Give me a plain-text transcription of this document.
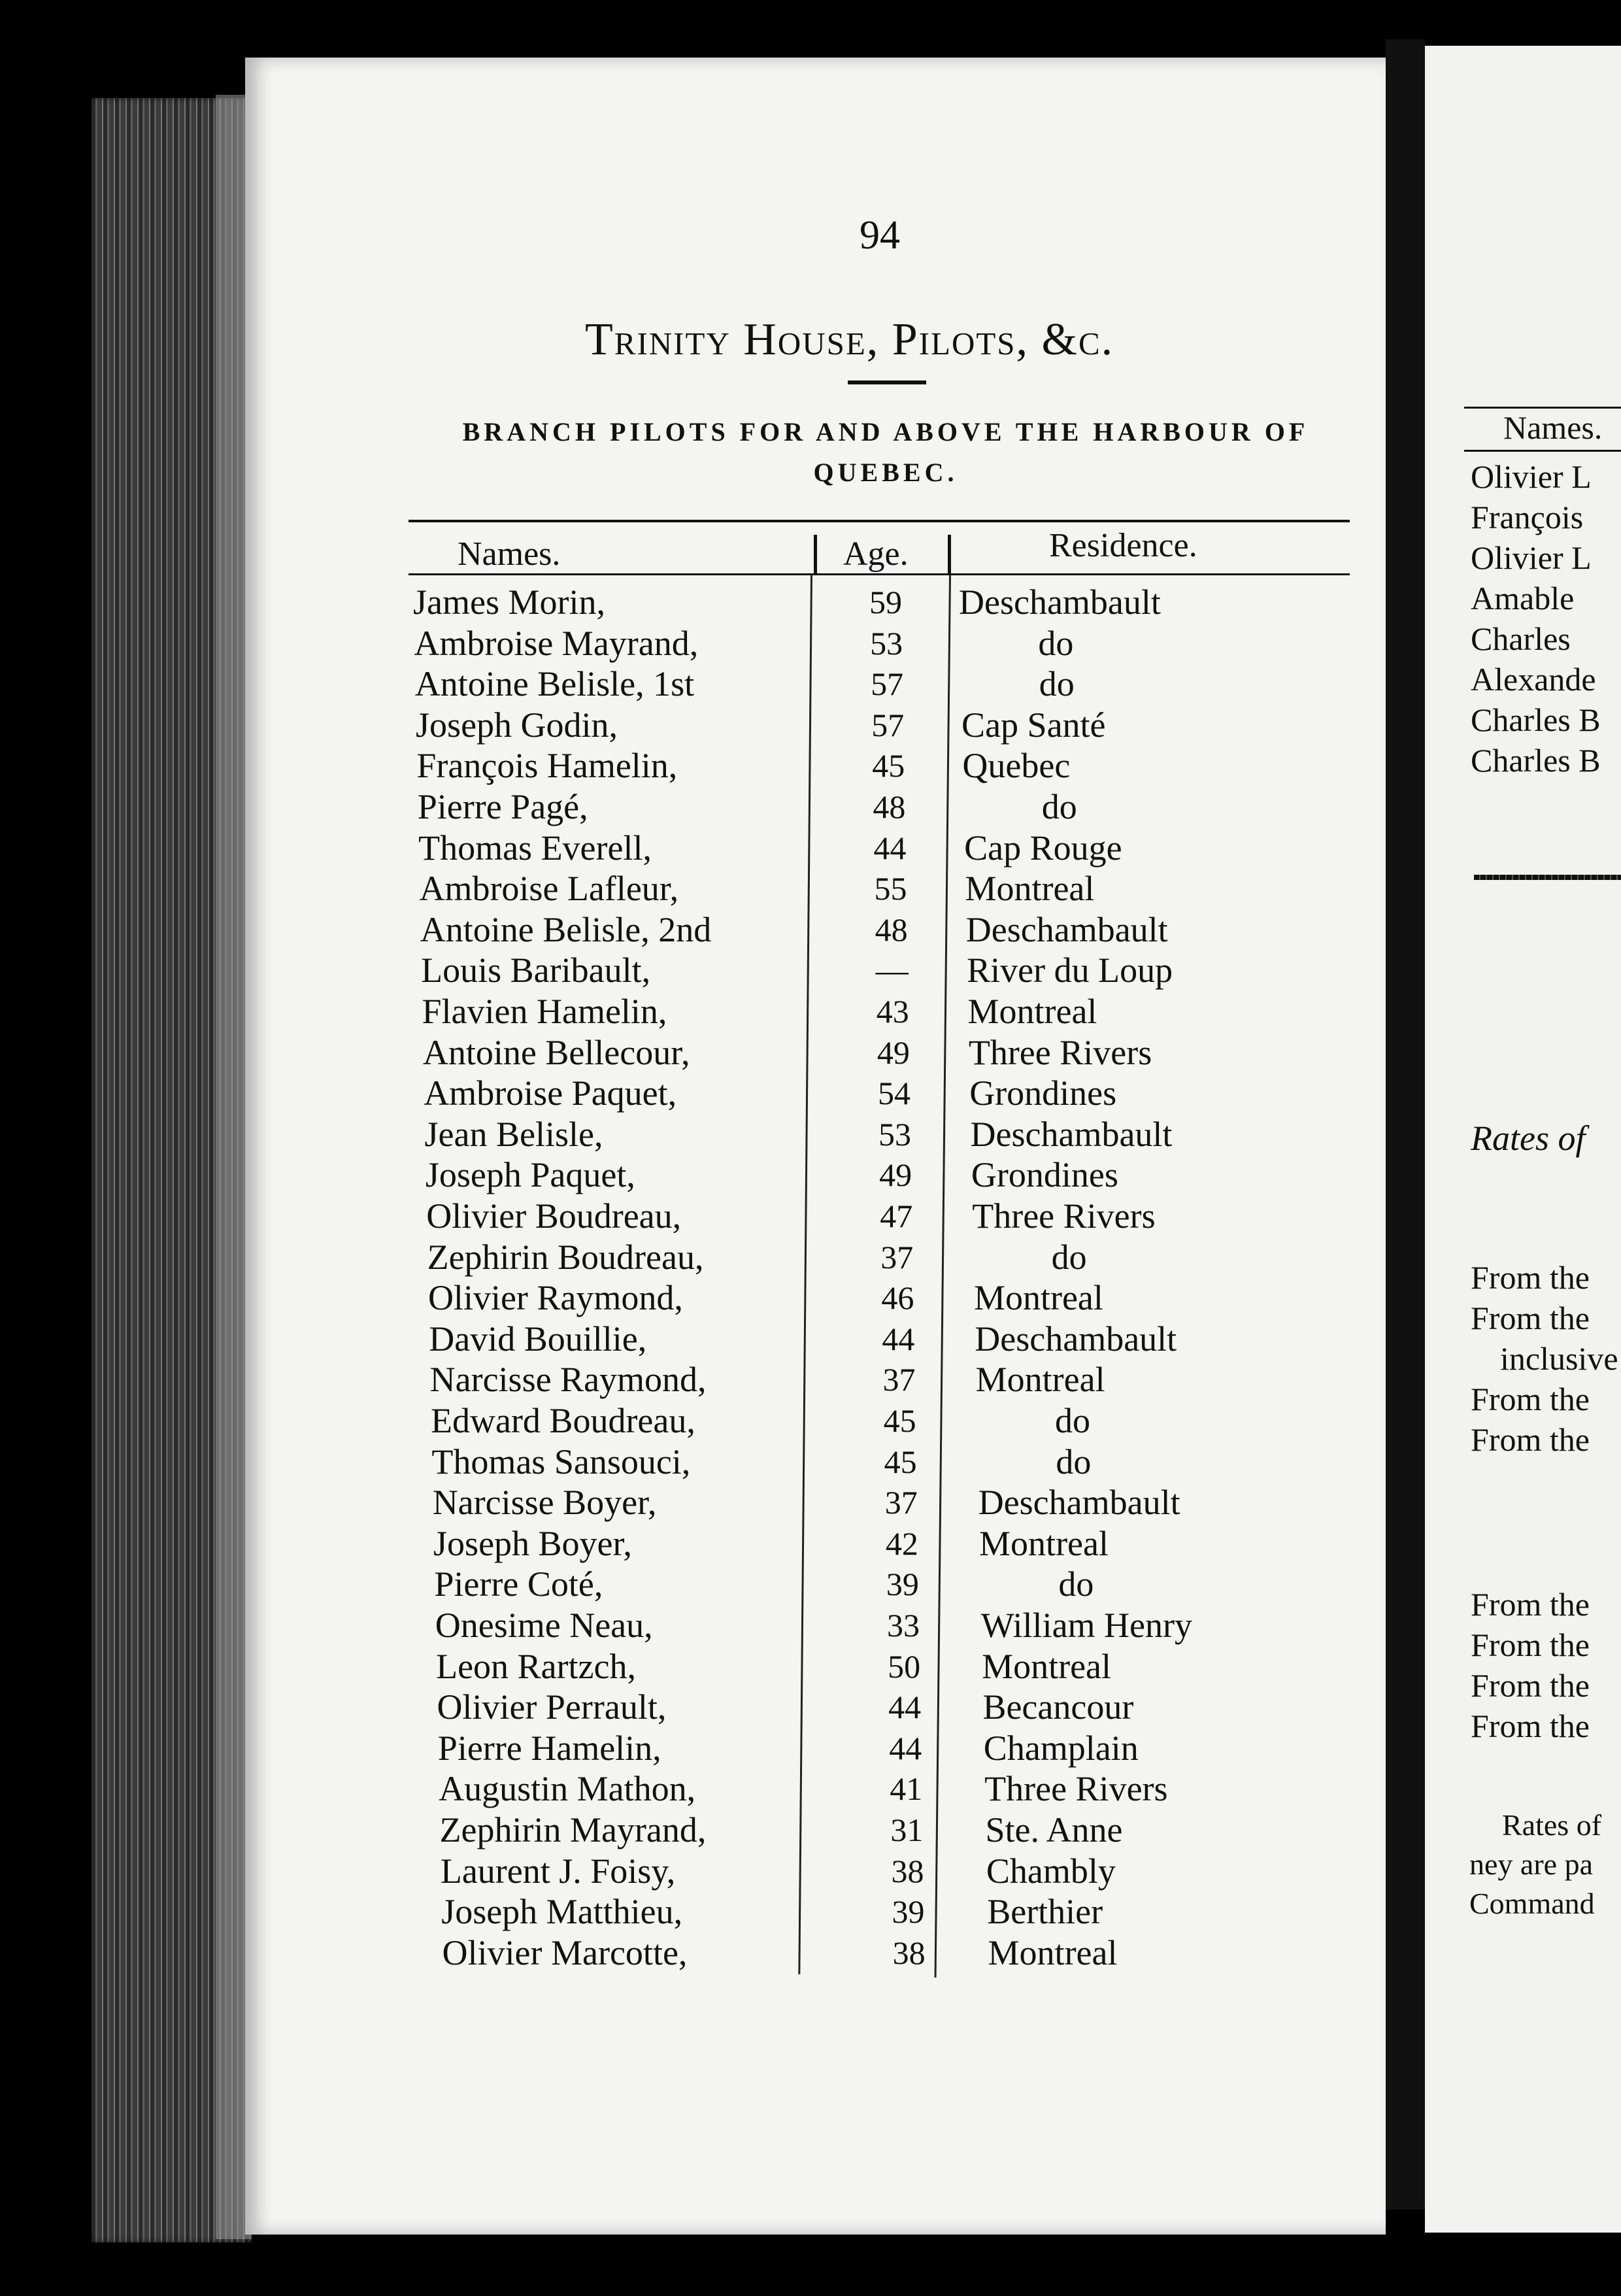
94
Trinity House, Pilots, &c.
BRANCH PILOTS FOR AND ABOVE THE HARBOUR OF QUEBEC.
Names.	Age.	Residence.
James Morin,	59	Deschambault
Ambroise Mayrand,	53	do
Antoine Belisle, 1st	57	do
Joseph Godin,	57	Cap Santé
François Hamelin,	45	Quebec
Pierre Pagé,	48	do
Thomas Everell,	44	Cap Rouge
Ambroise Lafleur,	55	Montreal
Antoine Belisle, 2nd	48	Deschambault
Louis Baribault,	—	River du Loup
Flavien Hamelin,	43	Montreal
Antoine Bellecour,	49	Three Rivers
Ambroise Paquet,	54	Grondines
Jean Belisle,	53	Deschambault
Joseph Paquet,	49	Grondines
Olivier Boudreau,	47	Three Rivers
Zephirin Boudreau,	37	do
Olivier Raymond,	46	Montreal
David Bouillie,	44	Deschambault
Narcisse Raymond,	37	Montreal
Edward Boudreau,	45	do
Thomas Sansouci,	45	do
Narcisse Boyer,	37	Deschambault
Joseph Boyer,	42	Montreal
Pierre Coté,	39	do
Onesime Neau,	33	William Henry
Leon Rartzch,	50	Montreal
Olivier Perrault,	44	Becancour
Pierre Hamelin,	44	Champlain
Augustin Mathon,	41	Three Rivers
Zephirin Mayrand,	31	Ste. Anne
Laurent J. Foisy,	38	Chambly
Joseph Matthieu,	39	Berthier
Olivier Marcotte,	38	Montreal
Names.
Olivier L
François
Olivier L
Amable
Charles
Alexande
Charles B
Charles B
Rates of
From the
From the
inclusive
From the
From the
From the
From the
From the
From the
Rates of
ney are pa
Command
